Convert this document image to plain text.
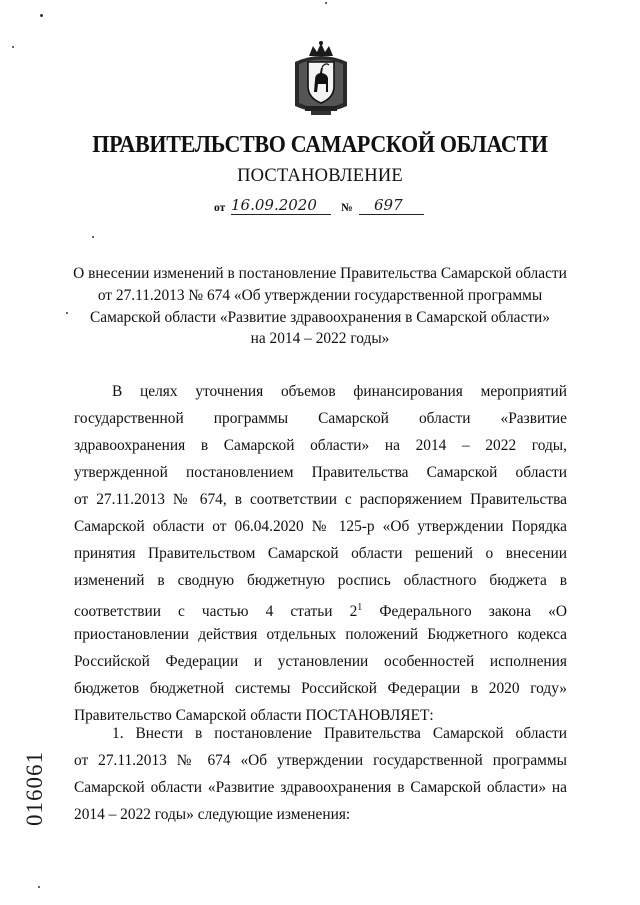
ПРАВИТЕЛЬСТВО САМАРСКОЙ ОБЛАСТИ
ПОСТАНОВЛЕНИЕ
от 16.09.2020 № 697
О внесении изменений в постановление Правительства Самарской области
от 27.11.2013 № 674 «Об утверждении государственной программы
Самарской области «Развитие здравоохранения в Самарской области»
на 2014 – 2022 годы»
В целях уточнения объемов финансирования мероприятий
государственной программы Самарской области «Развитие
здравоохранения в Самарской области» на 2014 – 2022 годы,
утвержденной постановлением Правительства Самарской области
от 27.11.2013 № 674, в соответствии с распоряжением Правительства
Самарской области от 06.04.2020 № 125-р «Об утверждении Порядка
принятия Правительством Самарской области решений о внесении
изменений в сводную бюджетную роспись областного бюджета в
соответствии с частью 4 статьи $2^1$ Федерального закона «О
приостановлении действия отдельных положений Бюджетного кодекса
Российской Федерации и установлении особенностей исполнения
бюджетов бюджетной системы Российской Федерации в 2020 году»
Правительство Самарской области ПОСТАНОВЛЯЕТ:
1. Внести в постановление Правительства Самарской области
от 27.11.2013 № 674 «Об утверждении государственной программы
Самарской области «Развитие здравоохранения в Самарской области» на
2014 – 2022 годы» следующие изменения:
016061
